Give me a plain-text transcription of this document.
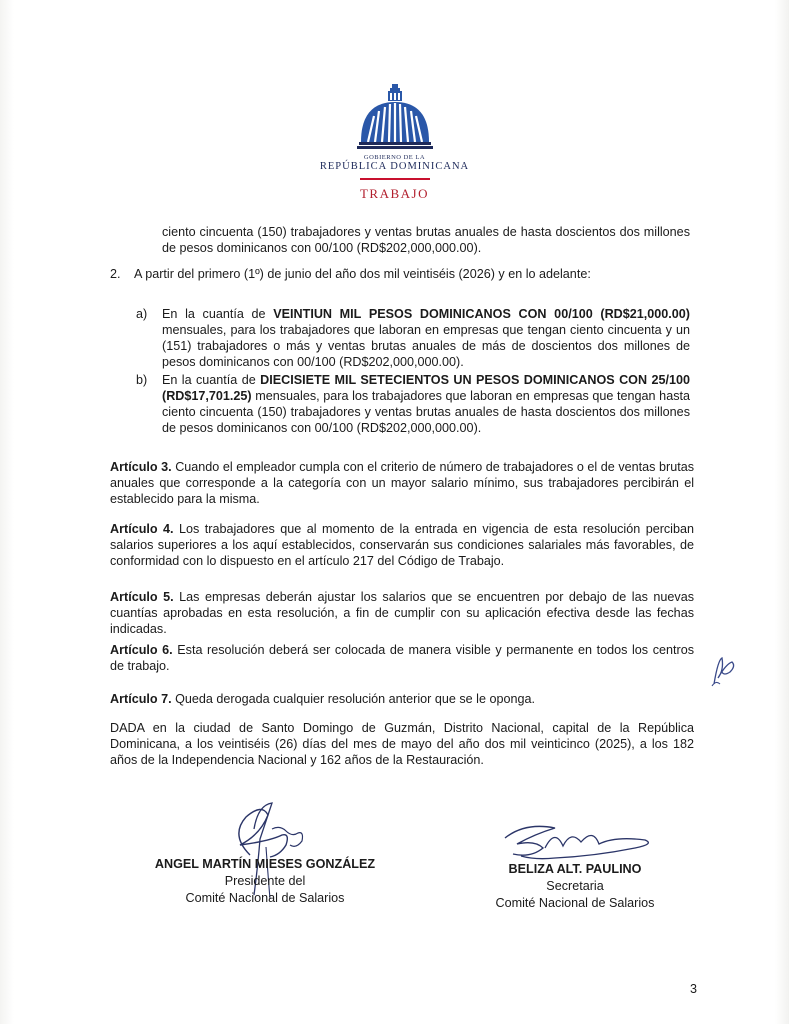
GOBIERNO DE LA
REPÚBLICA DOMINICANA
TRABAJO
ciento cincuenta (150) trabajadores y ventas brutas anuales de hasta doscientos dos millones de pesos dominicanos con 00/100 (RD$202,000,000.00).
2. A partir del primero (1º) de junio del año dos mil veintiséis (2026) y en lo adelante:
a) En la cuantía de VEINTIUN MIL PESOS DOMINICANOS CON 00/100 (RD$21,000.00) mensuales, para los trabajadores que laboran en empresas que tengan ciento cincuenta y un (151) trabajadores o más y ventas brutas anuales de más de doscientos dos millones de pesos dominicanos con 00/100 (RD$202,000,000.00).
b) En la cuantía de DIECISIETE MIL SETECIENTOS UN PESOS DOMINICANOS CON 25/100 (RD$17,701.25) mensuales, para los trabajadores que laboran en empresas que tengan hasta ciento cincuenta (150) trabajadores y ventas brutas anuales de hasta doscientos dos millones de pesos dominicanos con 00/100 (RD$202,000,000.00).
Artículo 3. Cuando el empleador cumpla con el criterio de número de trabajadores o el de ventas brutas anuales que corresponde a la categoría con un mayor salario mínimo, sus trabajadores percibirán el establecido para la misma.
Artículo 4. Los trabajadores que al momento de la entrada en vigencia de esta resolución perciban salarios superiores a los aquí establecidos, conservarán sus condiciones salariales más favorables, de conformidad con lo dispuesto en el artículo 217 del Código de Trabajo.
Artículo 5. Las empresas deberán ajustar los salarios que se encuentren por debajo de las nuevas cuantías aprobadas en esta resolución, a fin de cumplir con su aplicación efectiva desde las fechas indicadas.
Artículo 6. Esta resolución deberá ser colocada de manera visible y permanente en todos los centros de trabajo.
Artículo 7. Queda derogada cualquier resolución anterior que se le oponga.
DADA en la ciudad de Santo Domingo de Guzmán, Distrito Nacional, capital de la República Dominicana, a los veintiséis (26) días del mes de mayo del año dos mil veinticinco (2025), a los 182 años de la Independencia Nacional y 162 años de la Restauración.
ANGEL MARTÍN MIESES GONZÁLEZ
Presidente del
Comité Nacional de Salarios
BELIZA ALT. PAULINO
Secretaria
Comité Nacional de Salarios
3
